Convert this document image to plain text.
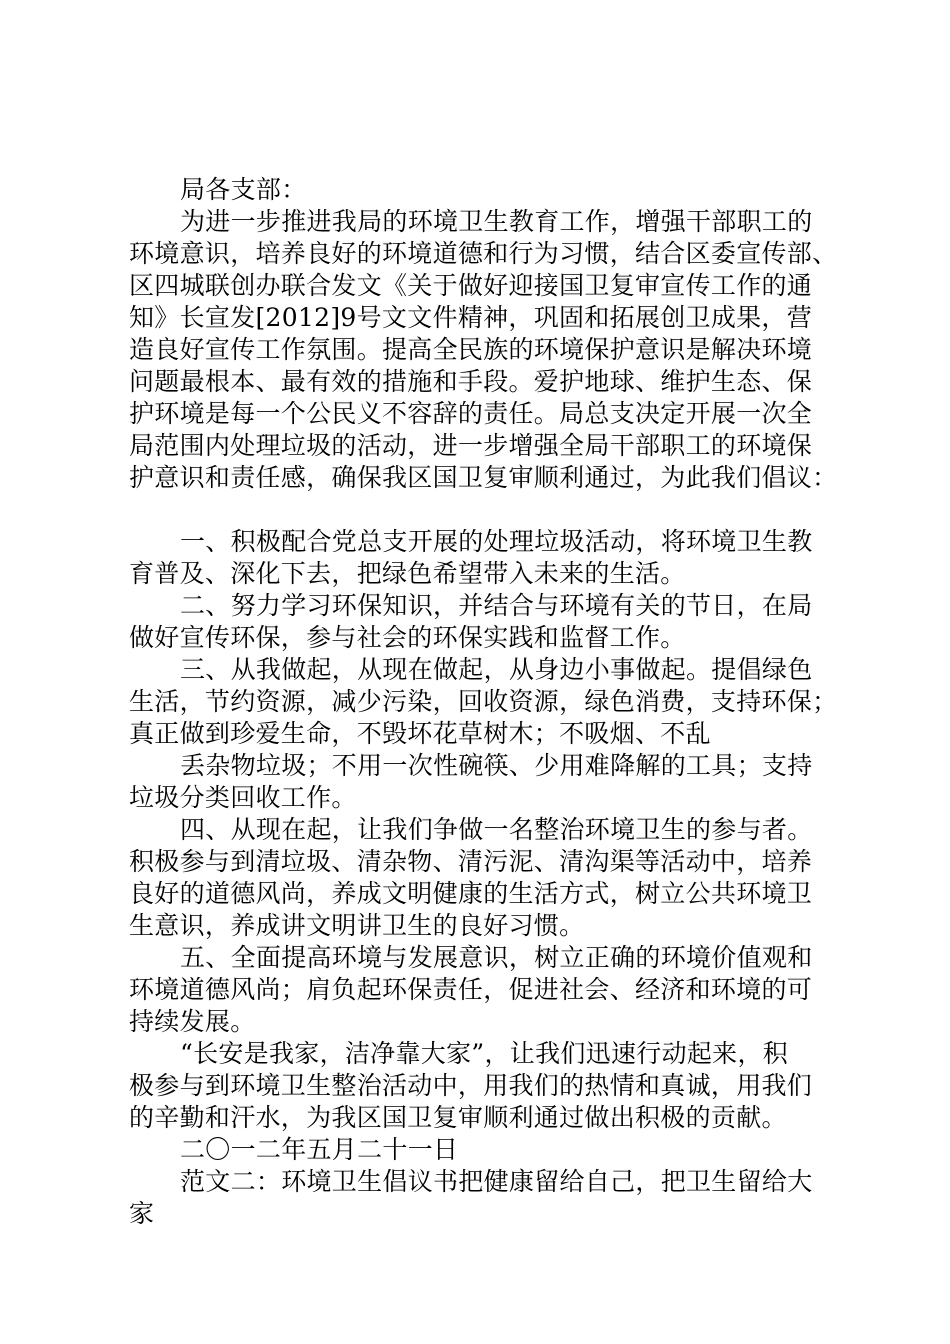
局各支部：
为进一步推进我局的环境卫生教育工作，增强干部职工的
环境意识，培养良好的环境道德和行为习惯，结合区委宣传部、
区四城联创办联合发文《关于做好迎接国卫复审宣传工作的通
知》长宣发[2012]9号文文件精神，巩固和拓展创卫成果，营
造良好宣传工作氛围。提高全民族的环境保护意识是解决环境
问题最根本、最有效的措施和手段。爱护地球、维护生态、保
护环境是每一个公民义不容辞的责任。局总支决定开展一次全
局范围内处理垃圾的活动，进一步增强全局干部职工的环境保
护意识和责任感，确保我区国卫复审顺利通过，为此我们倡议：
一、积极配合党总支开展的处理垃圾活动，将环境卫生教
育普及、深化下去，把绿色希望带入未来的生活。
二、努力学习环保知识，并结合与环境有关的节日，在局
做好宣传环保，参与社会的环保实践和监督工作。
三、从我做起，从现在做起，从身边小事做起。提倡绿色
生活，节约资源，减少污染，回收资源，绿色消费，支持环保；
真正做到珍爱生命，不毁坏花草树木；不吸烟、不乱
丢杂物垃圾；不用一次性碗筷、少用难降解的工具；支持
垃圾分类回收工作。
四、从现在起，让我们争做一名整治环境卫生的参与者。
积极参与到清垃圾、清杂物、清污泥、清沟渠等活动中，培养
良好的道德风尚，养成文明健康的生活方式，树立公共环境卫
生意识，养成讲文明讲卫生的良好习惯。
五、全面提高环境与发展意识，树立正确的环境价值观和
环境道德风尚；肩负起环保责任，促进社会、经济和环境的可
持续发展。
“长安是我家，洁净靠大家”，让我们迅速行动起来，积
极参与到环境卫生整治活动中，用我们的热情和真诚，用我们
的辛勤和汗水，为我区国卫复审顺利通过做出积极的贡献。
二〇一二年五月二十一日
范文二：环境卫生倡议书把健康留给自己，把卫生留给大
家
